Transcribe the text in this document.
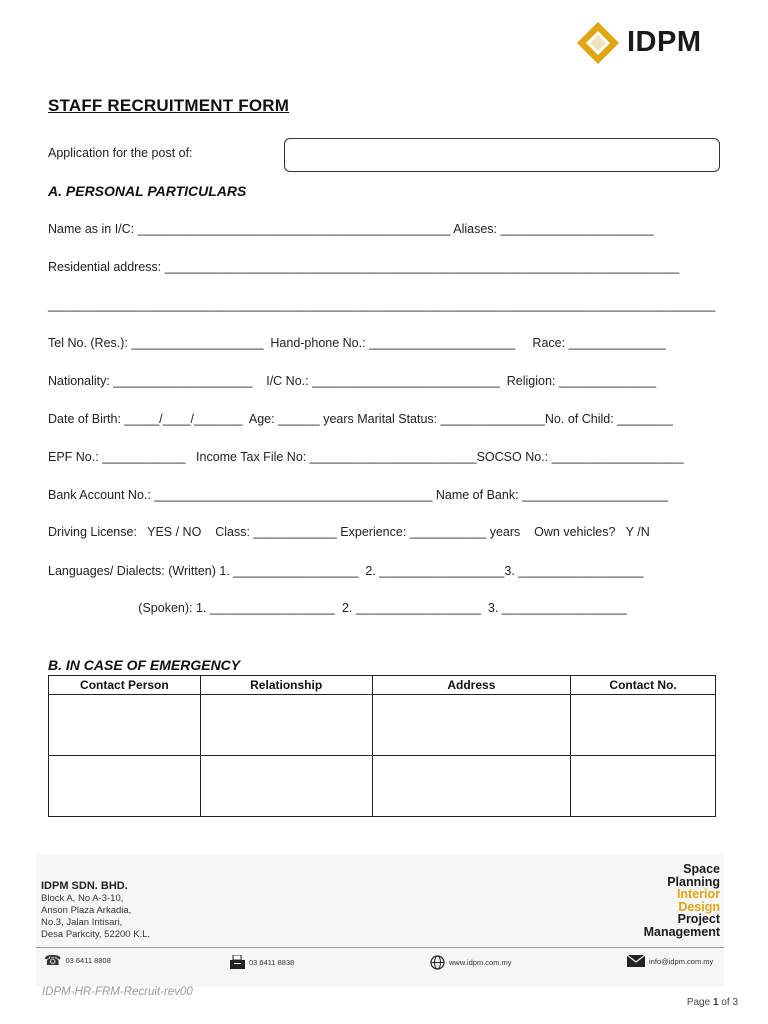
IDPM
STAFF RECRUITMENT FORM
Application for the post of:
A. PERSONAL PARTICULARS
Name as in I/C: _____________________________________________ Aliases: ______________________
Residential address: __________________________________________________________________________
________________________________________________________________________________________________
Tel No. (Res.): ___________________  Hand-phone No.: _____________________     Race: ______________
Nationality: ____________________    I/C No.: ___________________________  Religion: ______________
Date of Birth: _____/____/_______  Age: ______ years Marital Status: _______________No. of Child: ________
EPF No.: ____________   Income Tax File No: ________________________SOCSO No.: ___________________
Bank Account No.: ________________________________________ Name of Bank: _____________________
Driving License:   YES / NO    Class: ____________ Experience: ___________ years    Own vehicles?   Y /N
Languages/ Dialects: (Written) 1. __________________  2. __________________3. __________________
(Spoken): 1. __________________  2. __________________  3. __________________
B. IN CASE OF EMERGENCY
Contact Person	Relationship	Address	Contact No.

IDPM SDN. BHD.
Block A, No A-3-10,
Anson Plaza Arkadia,
No.3, Jalan Intisari,
Desa Parkcity, 52200 K.L.
Space
Planning
Interior
Design
Project
Management
☎ 03 6411 8808	03 6411 8838	www.idpm.com.my	info@idpm.com.my
IDPM-HR-FRM-Recruit-rev00
Page 1 of 3
